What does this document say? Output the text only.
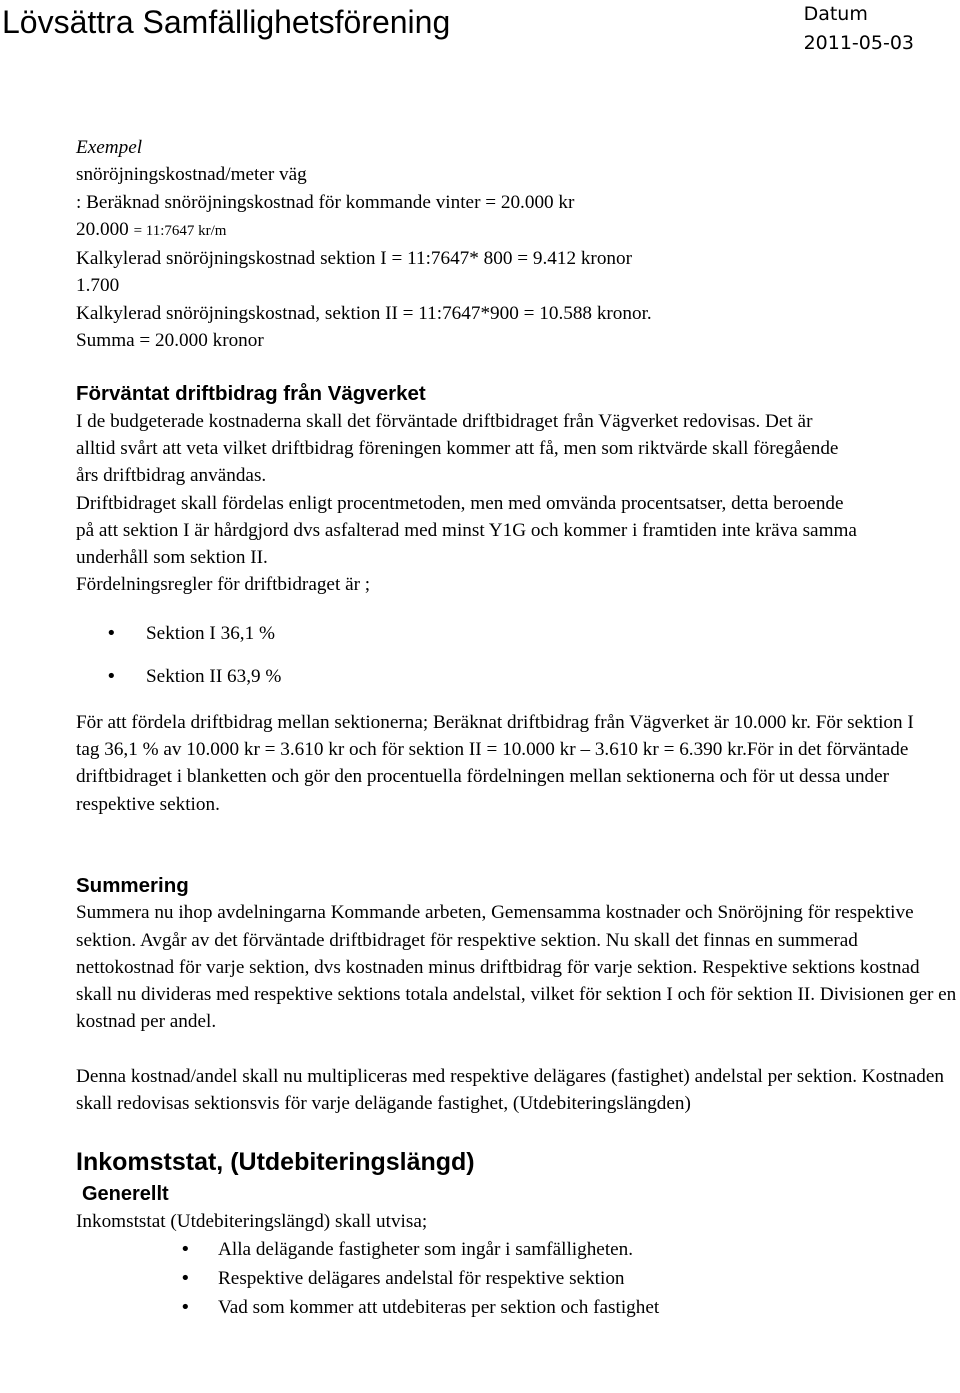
Lövsättra Samfällighetsförening	Datum
2011-05-03

Exempel

snöröjningskostnad/meter väg

: Beräknad snöröjningskostnad för kommande vinter = 20.000 kr

20.000 = 11:7647 kr/m

Kalkylerad snöröjningskostnad sektion I = 11:7647* 800 = 9.412 kronor

1.700

Kalkylerad snöröjningskostnad, sektion II = 11:7647*900 = 10.588 kronor.

Summa = 20.000 kronor

Förväntat driftbidrag från Vägverket

I de budgeterade kostnaderna skall det förväntade driftbidraget från Vägverket redovisas. Det är alltid svårt att veta vilket driftbidrag föreningen kommer att få, men som riktvärde skall föregående års driftbidrag användas.

Driftbidraget skall fördelas enligt procentmetoden, men med omvända procentsatser, detta beroende på att sektion I är hårdgjord dvs asfalterad med minst Y1G och kommer i framtiden inte kräva samma underhåll som sektion II.

Fördelningsregler för driftbidraget är ;

• Sektion I 36,1 %
• Sektion II 63,9 %

För att fördela driftbidrag mellan sektionerna; Beräknat driftbidrag från Vägverket är 10.000 kr. För sektion I tag 36,1 % av 10.000 kr = 3.610 kr och för sektion II = 10.000 kr – 3.610 kr = 6.390 kr.För in det förväntade driftbidraget i blanketten och gör den procentuella fördelningen mellan sektionerna och för ut dessa under respektive sektion.

Summering

Summera nu ihop avdelningarna Kommande arbeten, Gemensamma kostnader och Snöröjning för respektive sektion. Avgår av det förväntade driftbidraget för respektive sektion. Nu skall det finnas en summerad nettokostnad för varje sektion, dvs kostnaden minus driftbidrag för varje sektion. Respektive sektions kostnad skall nu divideras med respektive sektions totala andelstal, vilket för sektion I och för sektion II. Divisionen ger en kostnad per andel.

Denna kostnad/andel skall nu multipliceras med respektive delägares (fastighet) andelstal per sektion. Kostnaden skall redovisas sektionsvis för varje delägande fastighet, (Utdebiteringslängden)

Inkomststat, (Utdebiteringslängd)

Generellt

Inkomststat (Utdebiteringslängd) skall utvisa;

• Alla delägande fastigheter som ingår i samfälligheten.
• Respektive delägares andelstal för respektive sektion
• Vad som kommer att utdebiteras per sektion och fastighet
